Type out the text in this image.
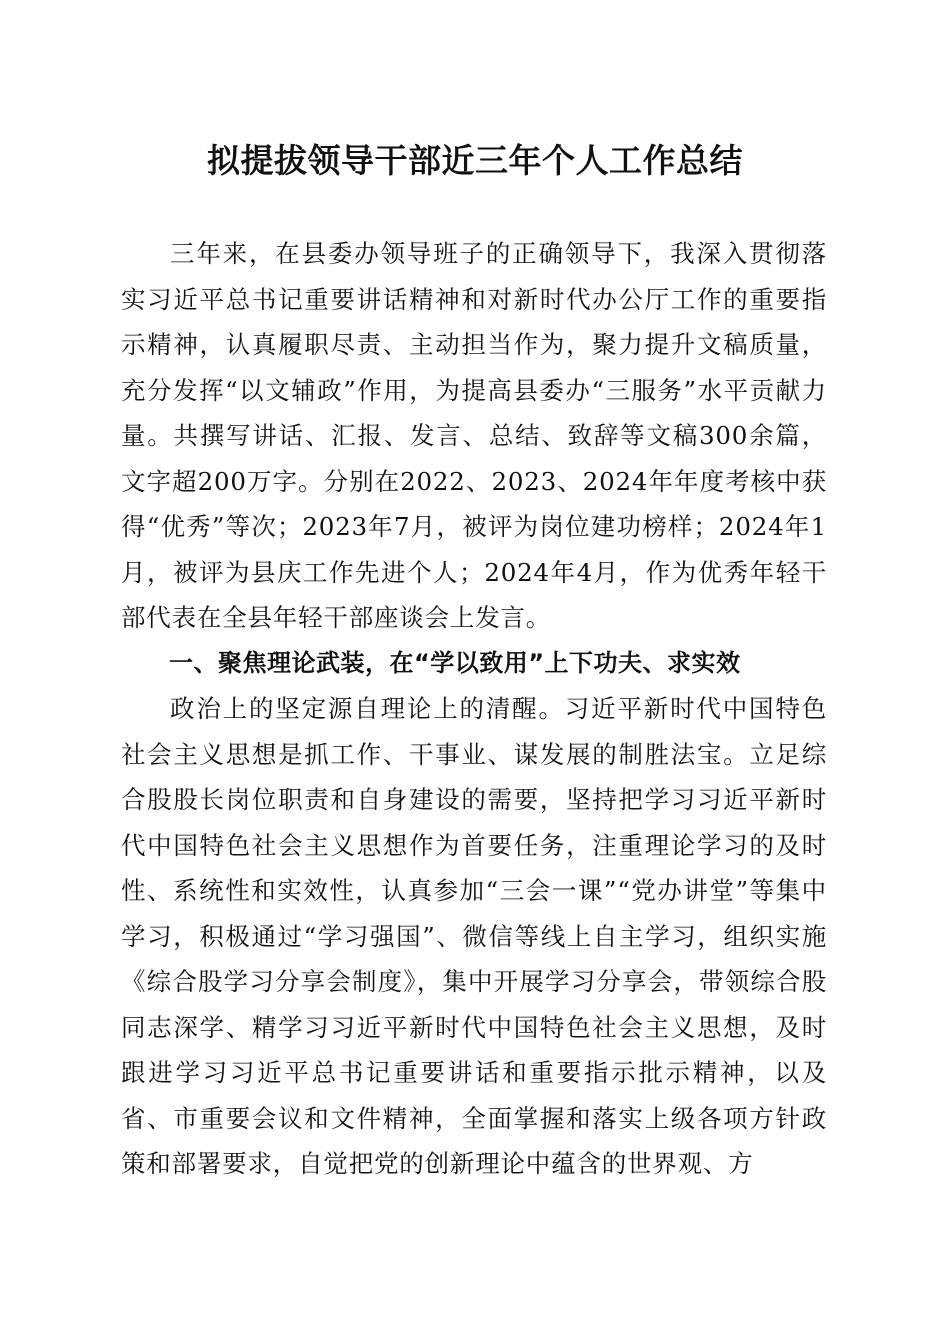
拟提拔领导干部近三年个人工作总结

三年来，在县委办领导班子的正确领导下，我深入贯彻落实习近平总书记重要讲话精神和对新时代办公厅工作的重要指示精神，认真履职尽责、主动担当作为，聚力提升文稿质量，充分发挥“以文辅政”作用，为提高县委办“三服务”水平贡献力量。共撰写讲话、汇报、发言、总结、致辞等文稿300余篇，文字超200万字。分别在2022、2023、2024年年度考核中获得“优秀”等次；2023年7月，被评为岗位建功榜样；2024年1月，被评为县庆工作先进个人；2024年4月，作为优秀年轻干部代表在全县年轻干部座谈会上发言。

一、聚焦理论武装，在“学以致用”上下功夫、求实效

政治上的坚定源自理论上的清醒。习近平新时代中国特色社会主义思想是抓工作、干事业、谋发展的制胜法宝。立足综合股股长岗位职责和自身建设的需要，坚持把学习习近平新时代中国特色社会主义思想作为首要任务，注重理论学习的及时性、系统性和实效性，认真参加“三会一课”“党办讲堂”等集中学习，积极通过“学习强国”、微信等线上自主学习，组织实施《综合股学习分享会制度》，集中开展学习分享会，带领综合股同志深学、精学习习近平新时代中国特色社会主义思想，及时跟进学习习近平总书记重要讲话和重要指示批示精神，以及省、市重要会议和文件精神，全面掌握和落实上级各项方针政策和部署要求，自觉把党的创新理论中蕴含的世界观、方
